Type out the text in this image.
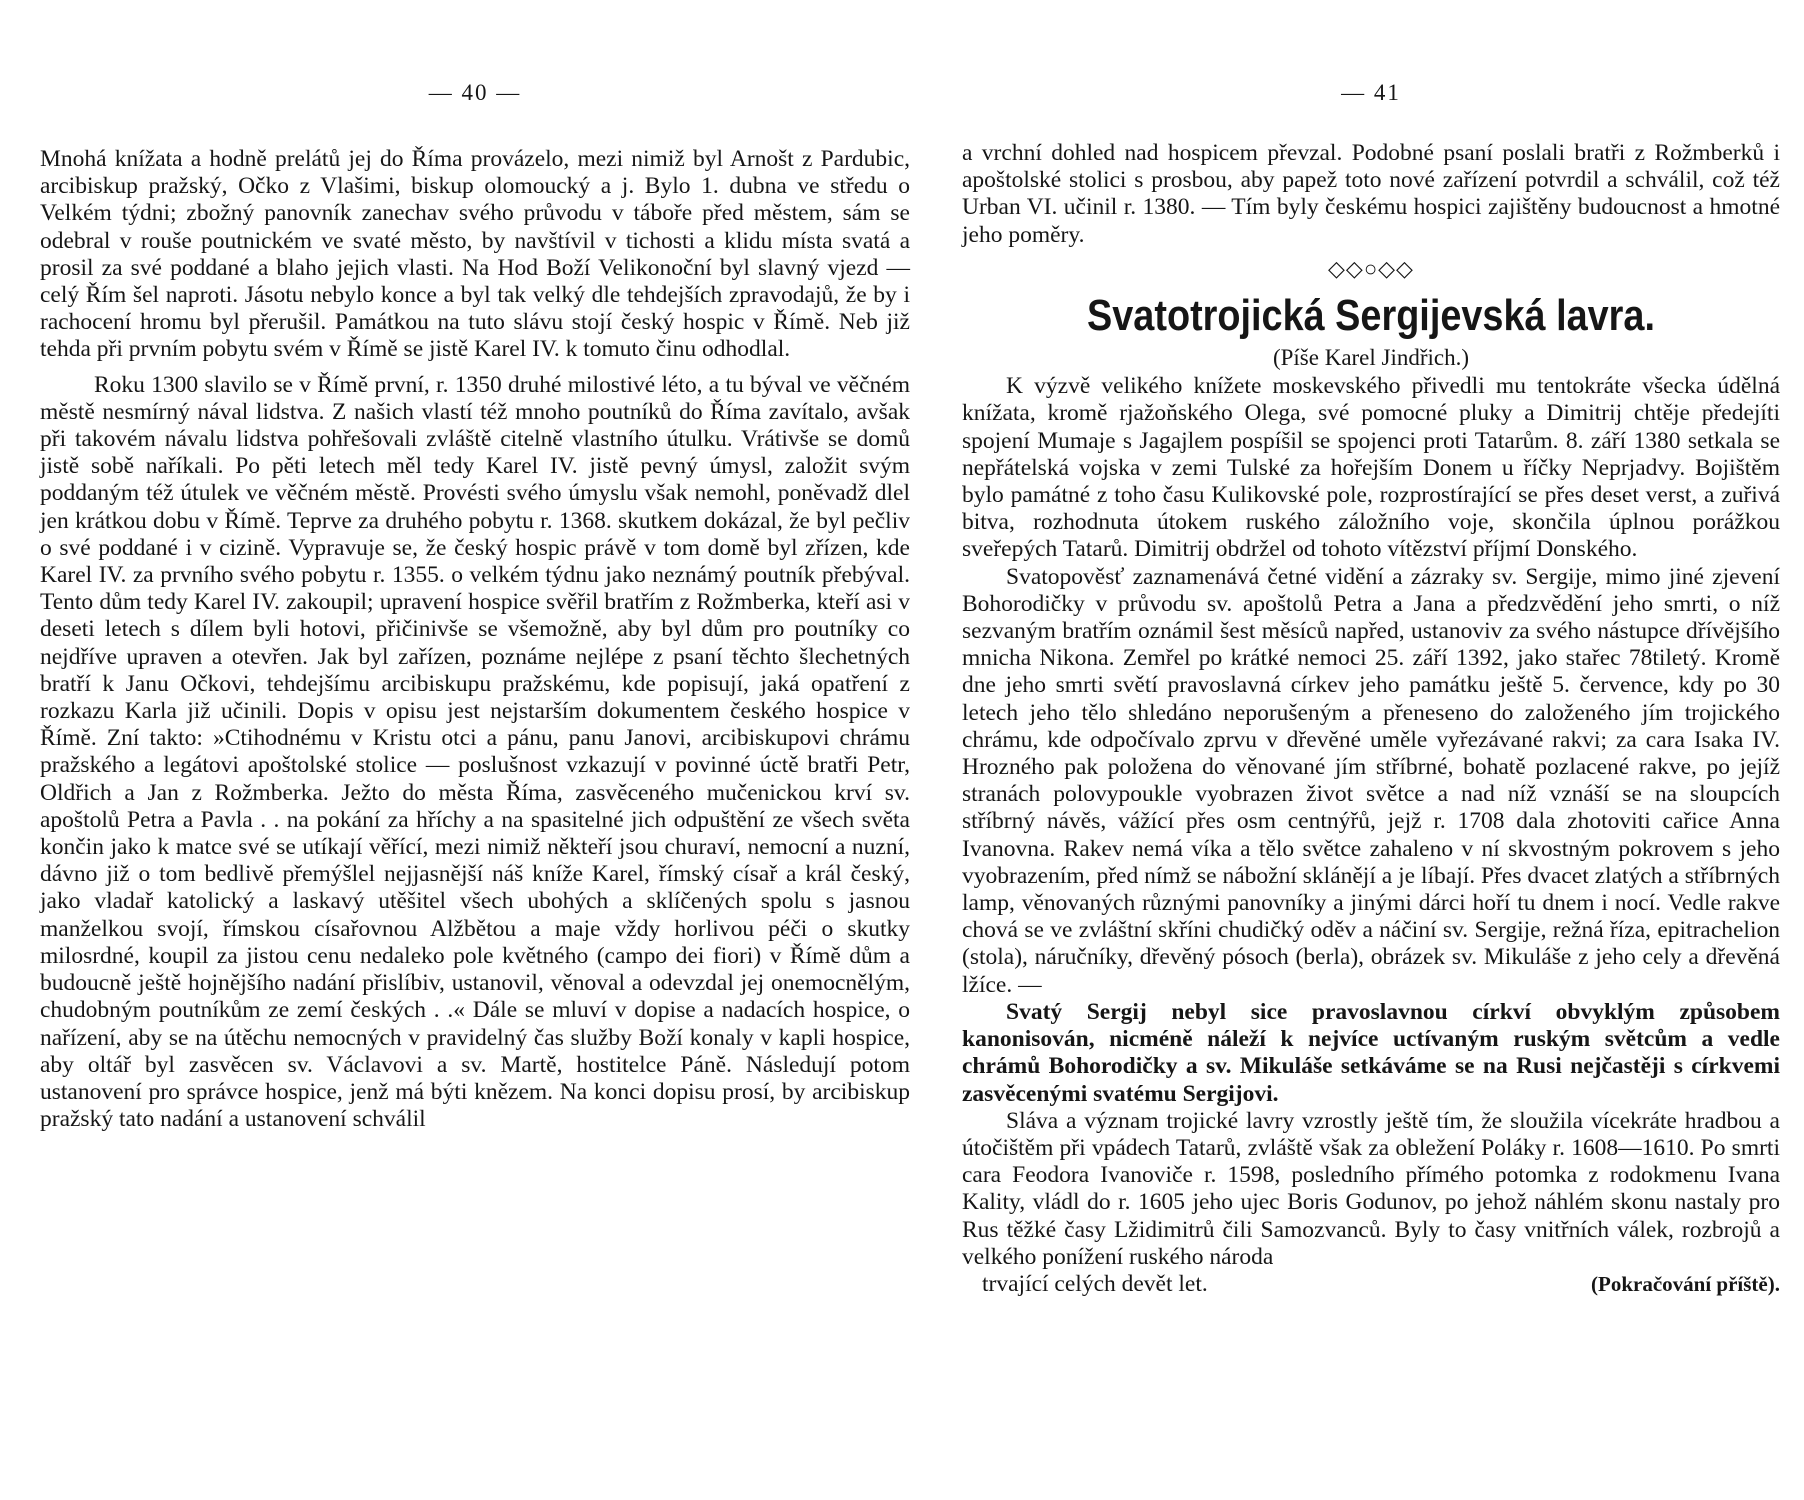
— 40 —

Mnohá knížata a hodně prelátů jej do Říma provázelo, mezi nimiž byl Arnošt z Pardubic, arcibiskup pražský, Očko z Vlašimi, biskup olomoucký a j. Bylo 1. dubna ve středu o Velkém týdni; zbožný panovník zanechav svého průvodu v táboře před městem, sám se odebral v rouše poutnickém ve svaté město, by navštívil v tichosti a klidu místa svatá a prosil za své poddané a blaho jejich vlasti. Na Hod Boží Velikonoční byl slavný vjezd — celý Řím šel naproti. Jásotu nebylo konce a byl tak velký dle tehdejších zpravodajů, že by i rachocení hromu byl přerušil. Památkou na tuto slávu stojí český hospic v Římě. Neb již tehda při prvním pobytu svém v Římě se jistě Karel IV. k tomuto činu odhodlal.

Roku 1300 slavilo se v Římě první, r. 1350 druhé milostivé léto, a tu býval ve věčném městě nesmírný nával lidstva. Z našich vlastí též mnoho poutníků do Říma zavítalo, avšak při takovém návalu lidstva pohřešovali zvláště citelně vlastního útulku. Vrátivše se domů jistě sobě naříkali. Po pěti letech měl tedy Karel IV. jistě pevný úmysl, založit svým poddaným též útulek ve věčném městě. Provésti svého úmyslu však nemohl, poněvadž dlel jen krátkou dobu v Římě. Teprve za druhého pobytu r. 1368. skutkem dokázal, že byl pečliv o své poddané i v cizině. Vypravuje se, že český hospic právě v tom domě byl zřízen, kde Karel IV. za prvního svého pobytu r. 1355. o velkém týdnu jako neznámý poutník přebýval. Tento dům tedy Karel IV. zakoupil; upravení hospice svěřil bratřím z Rožmberka, kteří asi v deseti letech s dílem byli hotovi, přičinivše se všemožně, aby byl dům pro poutníky co nejdříve upraven a otevřen. Jak byl zařízen, poznáme nejlépe z psaní těchto šlechetných bratří k Janu Očkovi, tehdejšímu arcibiskupu pražskému, kde popisují, jaká opatření z rozkazu Karla již učinili. Dopis v opisu jest nejstarším dokumentem českého hospice v Římě. Zní takto: »Ctihodnému v Kristu otci a pánu, panu Janovi, arcibiskupovi chrámu pražského a legátovi apoštolské stolice — poslušnost vzkazují v povinné úctě bratři Petr, Oldřich a Jan z Rožmberka. Ježto do města Říma, zasvěceného mučenickou krví sv. apoštolů Petra a Pavla . . na pokání za hříchy a na spasitelné jich odpuštění ze všech světa končin jako k matce své se utíkají věřící, mezi nimiž někteří jsou churaví, nemocní a nuzní, dávno již o tom bedlivě přemýšlel nejjasnější náš kníže Karel, římský císař a král český, jako vladař katolický a laskavý utěšitel všech ubohých a sklíčených spolu s jasnou manželkou svojí, římskou císařovnou Alžbětou a maje vždy horlivou péči o skutky milosrdné, koupil za jistou cenu nedaleko pole květného (campo dei fiori) v Římě dům a budoucně ještě hojnějšího nadání přislíbiv, ustanovil, věnoval a odevzdal jej onemocnělým, chudobným poutníkům ze zemí českých . .« Dále se mluví v dopise a nadacích hospice, o nařízení, aby se na útěchu nemocných v pravidelný čas služby Boží konaly v kapli hospice, aby oltář byl zasvěcen sv. Václavovi a sv. Martě, hostitelce Páně. Následují potom ustanovení pro správce hospice, jenž má býti knězem. Na konci dopisu prosí, by arcibiskup pražský tato nadání a ustanovení schválil

— 41

a vrchní dohled nad hospicem převzal. Podobné psaní poslali bratři z Rožmberků i apoštolské stolici s prosbou, aby papež toto nové zařízení potvrdil a schválil, což též Urban VI. učinil r. 1380. — Tím byly českému hospici zajištěny budoucnost a hmotné jeho poměry.

◇◇○◇◇
Svatotrojická Sergijevská lavra.
(Píše Karel Jindřich.)

K výzvě velikého knížete moskevského přivedli mu tentokráte všecka údělná knížata, kromě rjažoňského Olega, své pomocné pluky a Dimitrij chtěje předejíti spojení Mumaje s Jagajlem pospíšil se spojenci proti Tatarům. 8. září 1380 setkala se nepřátelská vojska v zemi Tulské za hořejším Donem u říčky Neprjadvy. Bojištěm bylo památné z toho času Kulikovské pole, rozprostírající se přes deset verst, a zuřivá bitva, rozhodnuta útokem ruského záložního voje, skončila úplnou porážkou sveřepých Tatarů. Dimitrij obdržel od tohoto vítězství příjmí Donského.

Svatopověsť zaznamenává četné vidění a zázraky sv. Sergije, mimo jiné zjevení Bohorodičky v průvodu sv. apoštolů Petra a Jana a předzvědění jeho smrti, o níž sezvaným bratřím oznámil šest měsíců napřed, ustanoviv za svého nástupce dřívějšího mnicha Nikona. Zemřel po krátké nemoci 25. září 1392, jako stařec 78tiletý. Kromě dne jeho smrti světí pravoslavná církev jeho památku ještě 5. července, kdy po 30 letech jeho tělo shledáno neporušeným a přeneseno do založeného jím trojického chrámu, kde odpočívalo zprvu v dřevěné uměle vyřezávané rakvi; za cara Isaka IV. Hrozného pak položena do věnované jím stříbrné, bohatě pozlacené rakve, po jejíž stranách polovypoukle vyobrazen život světce a nad níž vznáší se na sloupcích stříbrný návěs, vážící přes osm centnýřů, jejž r. 1708 dala zhotoviti cařice Anna Ivanovna. Rakev nemá víka a tělo světce zahaleno v ní skvostným pokrovem s jeho vyobrazením, před nímž se nábožní sklánějí a je líbají. Přes dvacet zlatých a stříbrných lamp, věnovaných různými panovníky a jinými dárci hoří tu dnem i nocí. Vedle rakve chová se ve zvláštní skříni chudičký oděv a náčiní sv. Sergije, režná říza, epitrachelion (stola), náručníky, dřevěný pósoch (berla), obrázek sv. Mikuláše z jeho cely a dřevěná lžíce. —

Svatý Sergij nebyl sice pravoslavnou církví obvyklým způsobem kanonisován, nicméně náleží k nejvíce uctívaným ruským světcům a vedle chrámů Bohorodičky a sv. Mikuláše setkáváme se na Rusi nejčastěji s církvemi zasvěcenými svatému Sergijovi.

Sláva a význam trojické lavry vzrostly ještě tím, že sloužila vícekráte hradbou a útočištěm při vpádech Tatarů, zvláště však za obležení Poláky r. 1608—1610. Po smrti cara Feodora Ivanoviče r. 1598, posledního přímého potomka z rodokmenu Ivana Kality, vládl do r. 1605 jeho ujec Boris Godunov, po jehož náhlém skonu nastaly pro Rus těžké časy Lžidimitrů čili Samozvanců. Byly to časy vnitřních válek, rozbrojů a velkého ponížení ruského národa

trvající celých devět let.	(Pokračování příště).
